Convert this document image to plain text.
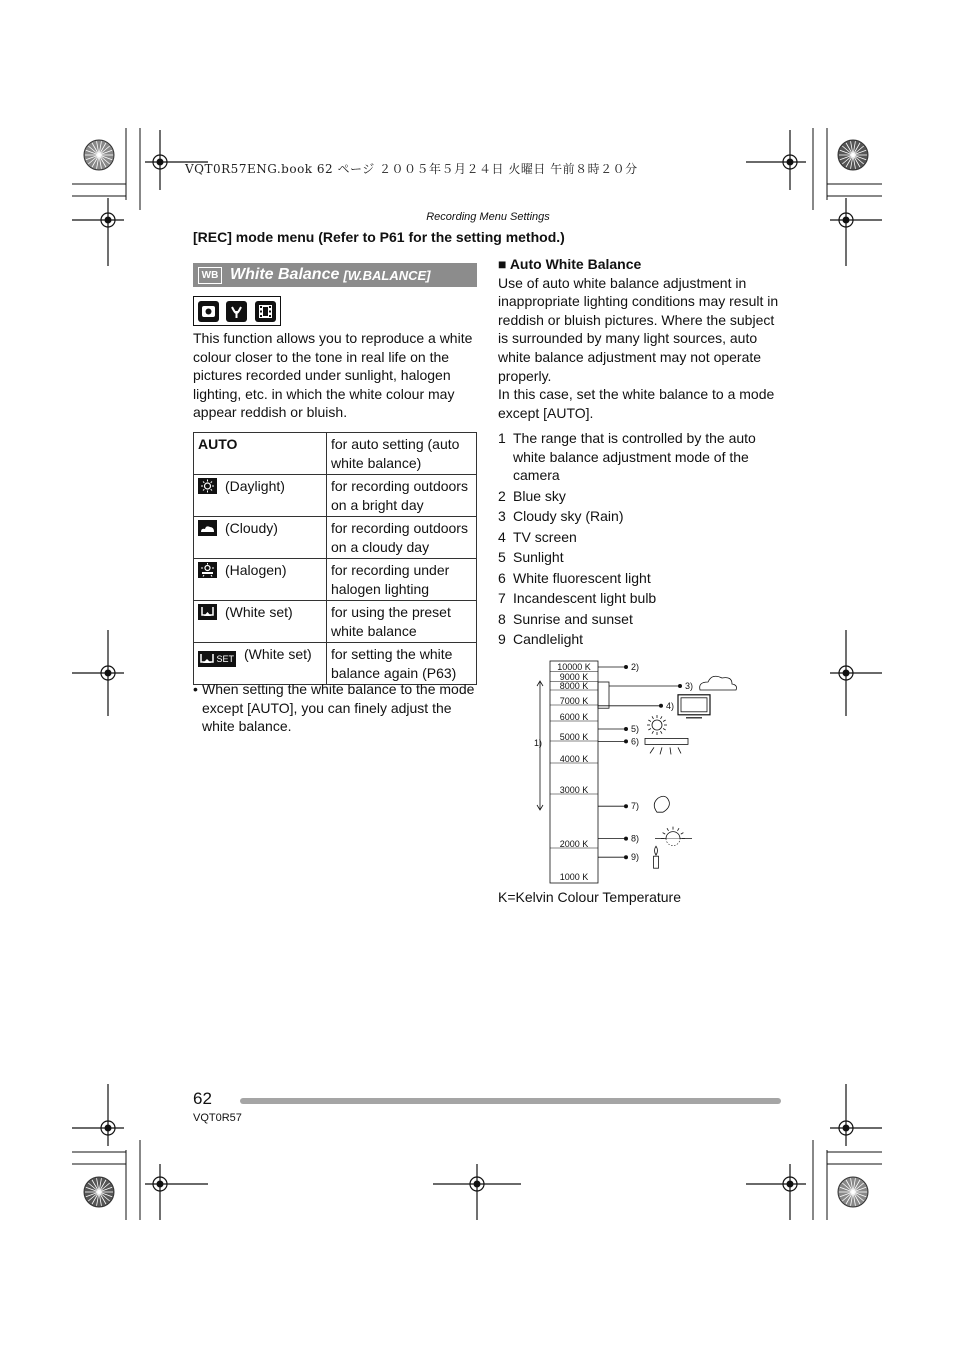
VQT0R57ENG.book 62 ページ ２００５年５月２４日 火曜日 午前８時２０分
Recording Menu Settings
[REC] mode menu (Refer to P61 for the setting method.)
WB White Balance [W.BALANCE]
This function allows you to reproduce a white colour closer to the tone in real life on the pictures recorded under sunlight, halogen lighting, etc. in which the white colour may appear reddish or bluish.
AUTO	for auto setting (auto white balance)
(Daylight)	for recording outdoors on a bright day
(Cloudy)	for recording outdoors on a cloudy day
(Halogen)	for recording under halogen lighting
(White set)	for using the preset white balance

SET (White set)	for setting the white balance again (P63)
• When setting the white balance to the mode except [AUTO], you can finely adjust the white balance.
■ Auto White Balance
Use of auto white balance adjustment in inappropriate lighting conditions may result in reddish or bluish pictures. Where the subject is surrounded by many light sources, auto white balance adjustment may not operate properly.
In this case, set the white balance to a mode except [AUTO].
1 The range that is controlled by the auto white balance adjustment mode of the camera
2 Blue sky
3 Cloudy sky (Rain)
4 TV screen
5 Sunlight
6 White fluorescent light
7 Incandescent light bulb
8 Sunrise and sunset
9 Candlelight
10000 K
9000 K
8000 K
7000 K
6000 K
5000 K
4000 K
3000 K
2000 K
1000 K
1)
2)
3)
4)
5)
6)
7)
8)
9)
K=Kelvin Colour Temperature
62
VQT0R57
